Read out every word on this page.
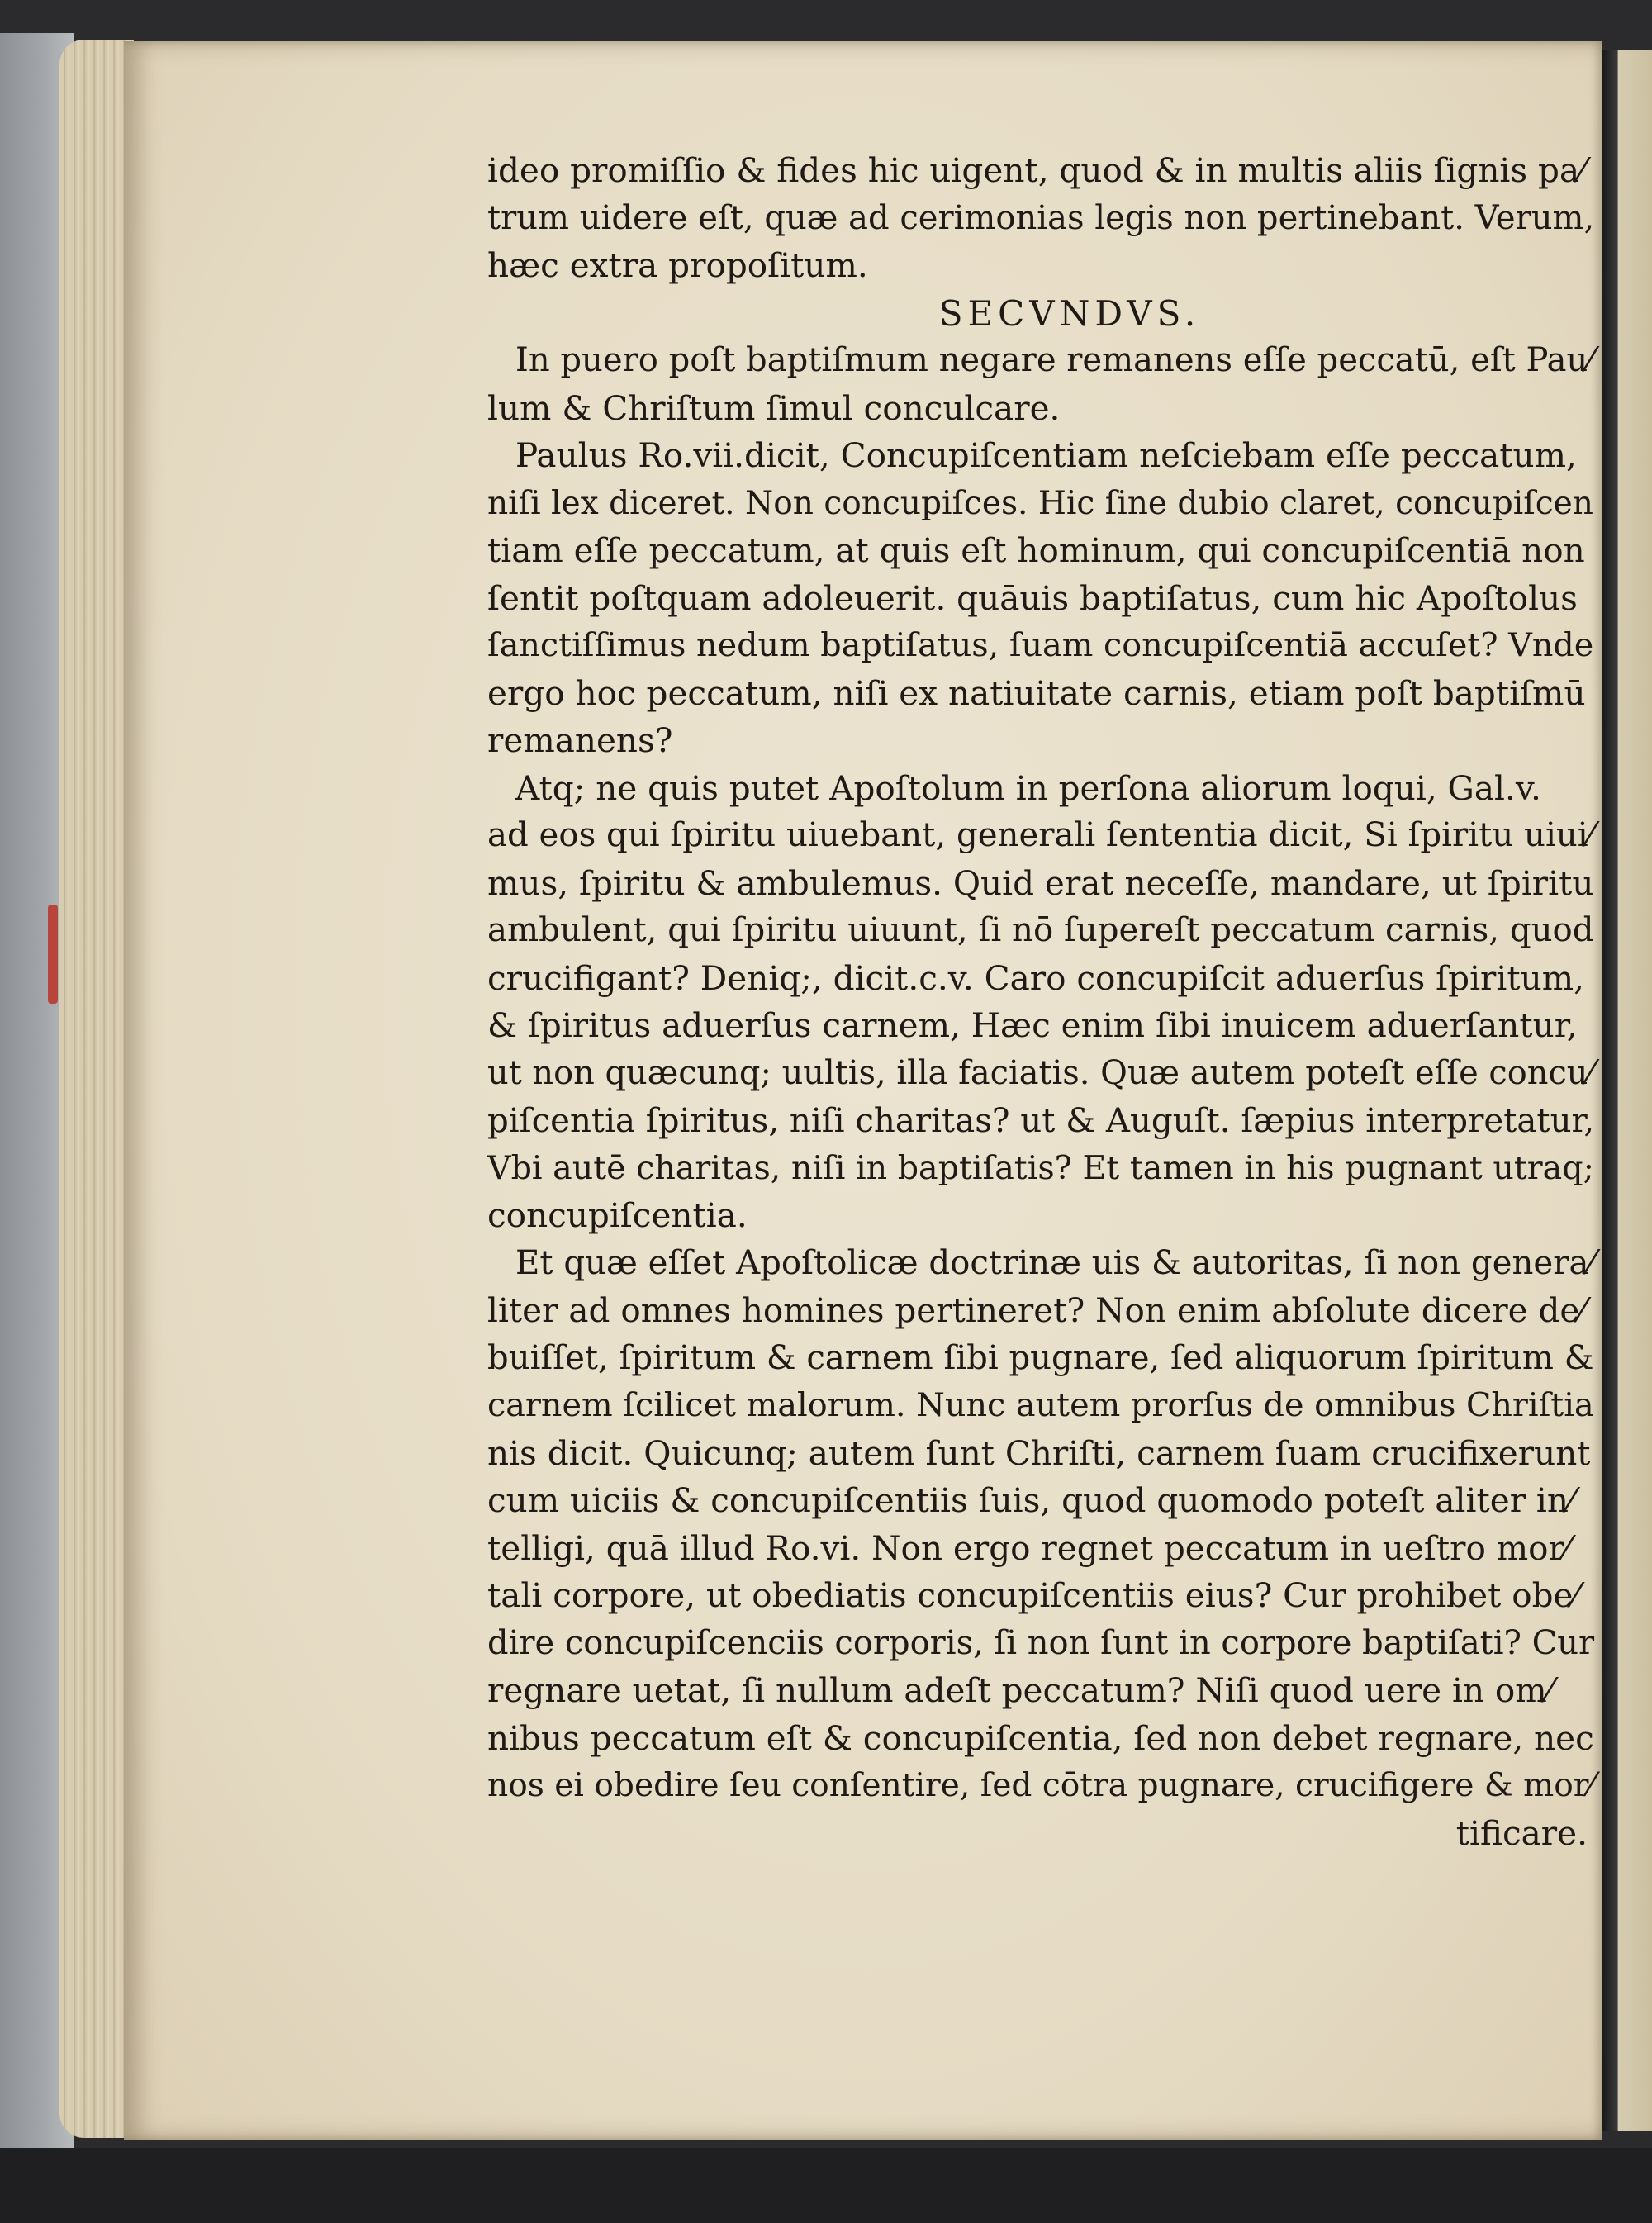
ideo promiſſio & fides hic uigent, quod & in multis aliis ſignis pa⁄
trum uidere eſt, quæ ad cerimonias legis non pertinebant. Verum,
hæc extra propoſitum.
SECVNDVS.
In puero poſt baptiſmum negare remanens eſſe peccatū, eſt Pau⁄
lum & Chriſtum ſimul conculcare.
Paulus Ro.vii.dicit, Concupiſcentiam neſciebam eſſe peccatum,
niſi lex diceret. Non concupiſces. Hic ſine dubio claret, concupiſcen
tiam eſſe peccatum, at quis eſt hominum, qui concupiſcentiā non
ſentit poſtquam adoleuerit. quāuis baptiſatus, cum hic Apoſtolus
ſanctiſſimus nedum baptiſatus, ſuam concupiſcentiā accuſet? Vnde
ergo hoc peccatum, niſi ex natiuitate carnis, etiam poſt baptiſmū
remanens?
Atq; ne quis putet Apoſtolum in perſona aliorum loqui, Gal.v.
ad eos qui ſpiritu uiuebant, generali ſententia dicit, Si ſpiritu uiui⁄
mus, ſpiritu & ambulemus. Quid erat neceſſe, mandare, ut ſpiritu
ambulent, qui ſpiritu uiuunt, ſi nō ſupereſt peccatum carnis, quod
crucifigant? Deniq;, dicit.c.v. Caro concupiſcit aduerſus ſpiritum,
& ſpiritus aduerſus carnem, Hæc enim ſibi inuicem aduerſantur,
ut non quæcunq; uultis, illa faciatis. Quæ autem poteſt eſſe concu⁄
piſcentia ſpiritus, niſi charitas? ut & Auguſt. ſæpius interpretatur,
Vbi autē charitas, niſi in baptiſatis? Et tamen in his pugnant utraq;
concupiſcentia.
Et quæ eſſet Apoſtolicæ doctrinæ uis & autoritas, ſi non genera⁄
liter ad omnes homines pertineret? Non enim abſolute dicere de⁄
buiſſet, ſpiritum & carnem ſibi pugnare, ſed aliquorum ſpiritum &
carnem ſcilicet malorum. Nunc autem prorſus de omnibus Chriſtia
nis dicit. Quicunq; autem ſunt Chriſti, carnem ſuam crucifixerunt
cum uiciis & concupiſcentiis ſuis, quod quomodo poteſt aliter in⁄
telligi, quā illud Ro.vi. Non ergo regnet peccatum in ueſtro mor⁄
tali corpore, ut obediatis concupiſcentiis eius? Cur prohibet obe⁄
dire concupiſcenciis corporis, ſi non ſunt in corpore baptiſati? Cur
regnare uetat, ſi nullum adeſt peccatum? Niſi quod uere in om⁄
nibus peccatum eſt & concupiſcentia, ſed non debet regnare, nec
nos ei obedire ſeu conſentire, ſed cōtra pugnare, crucifigere & mor⁄
tificare.
